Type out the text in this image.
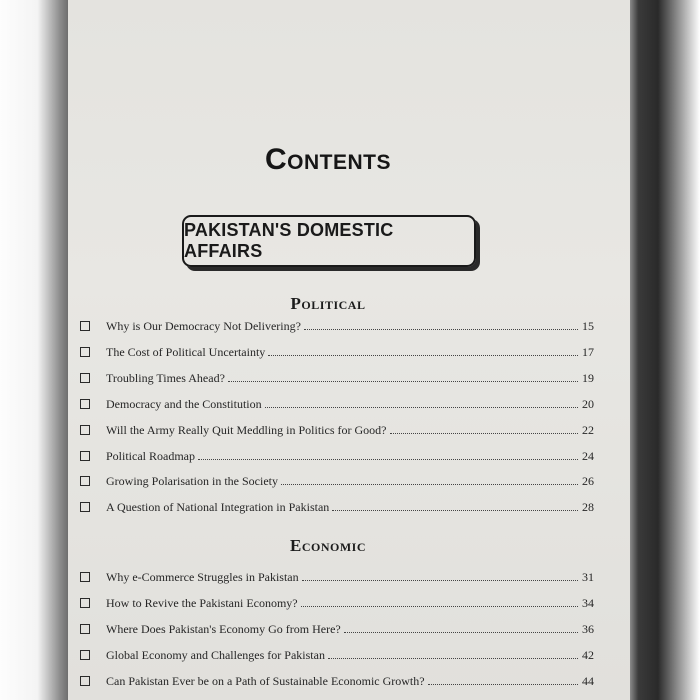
Contents
PAKISTAN'S DOMESTIC AFFAIRS
Political
Why is Our Democracy Not Delivering?	15
The Cost of Political Uncertainty	17
Troubling Times Ahead?	19
Democracy and the Constitution	20
Will the Army Really Quit Meddling in Politics for Good?	22
Political Roadmap	24
Growing Polarisation in the Society	26
A Question of National Integration in Pakistan	28
Economic
Why e-Commerce Struggles in Pakistan	31
How to Revive the Pakistani Economy?	34
Where Does Pakistan's Economy Go from Here?	36
Global Economy and Challenges for Pakistan	42
Can Pakistan Ever be on a Path of Sustainable Economic Growth?	44
